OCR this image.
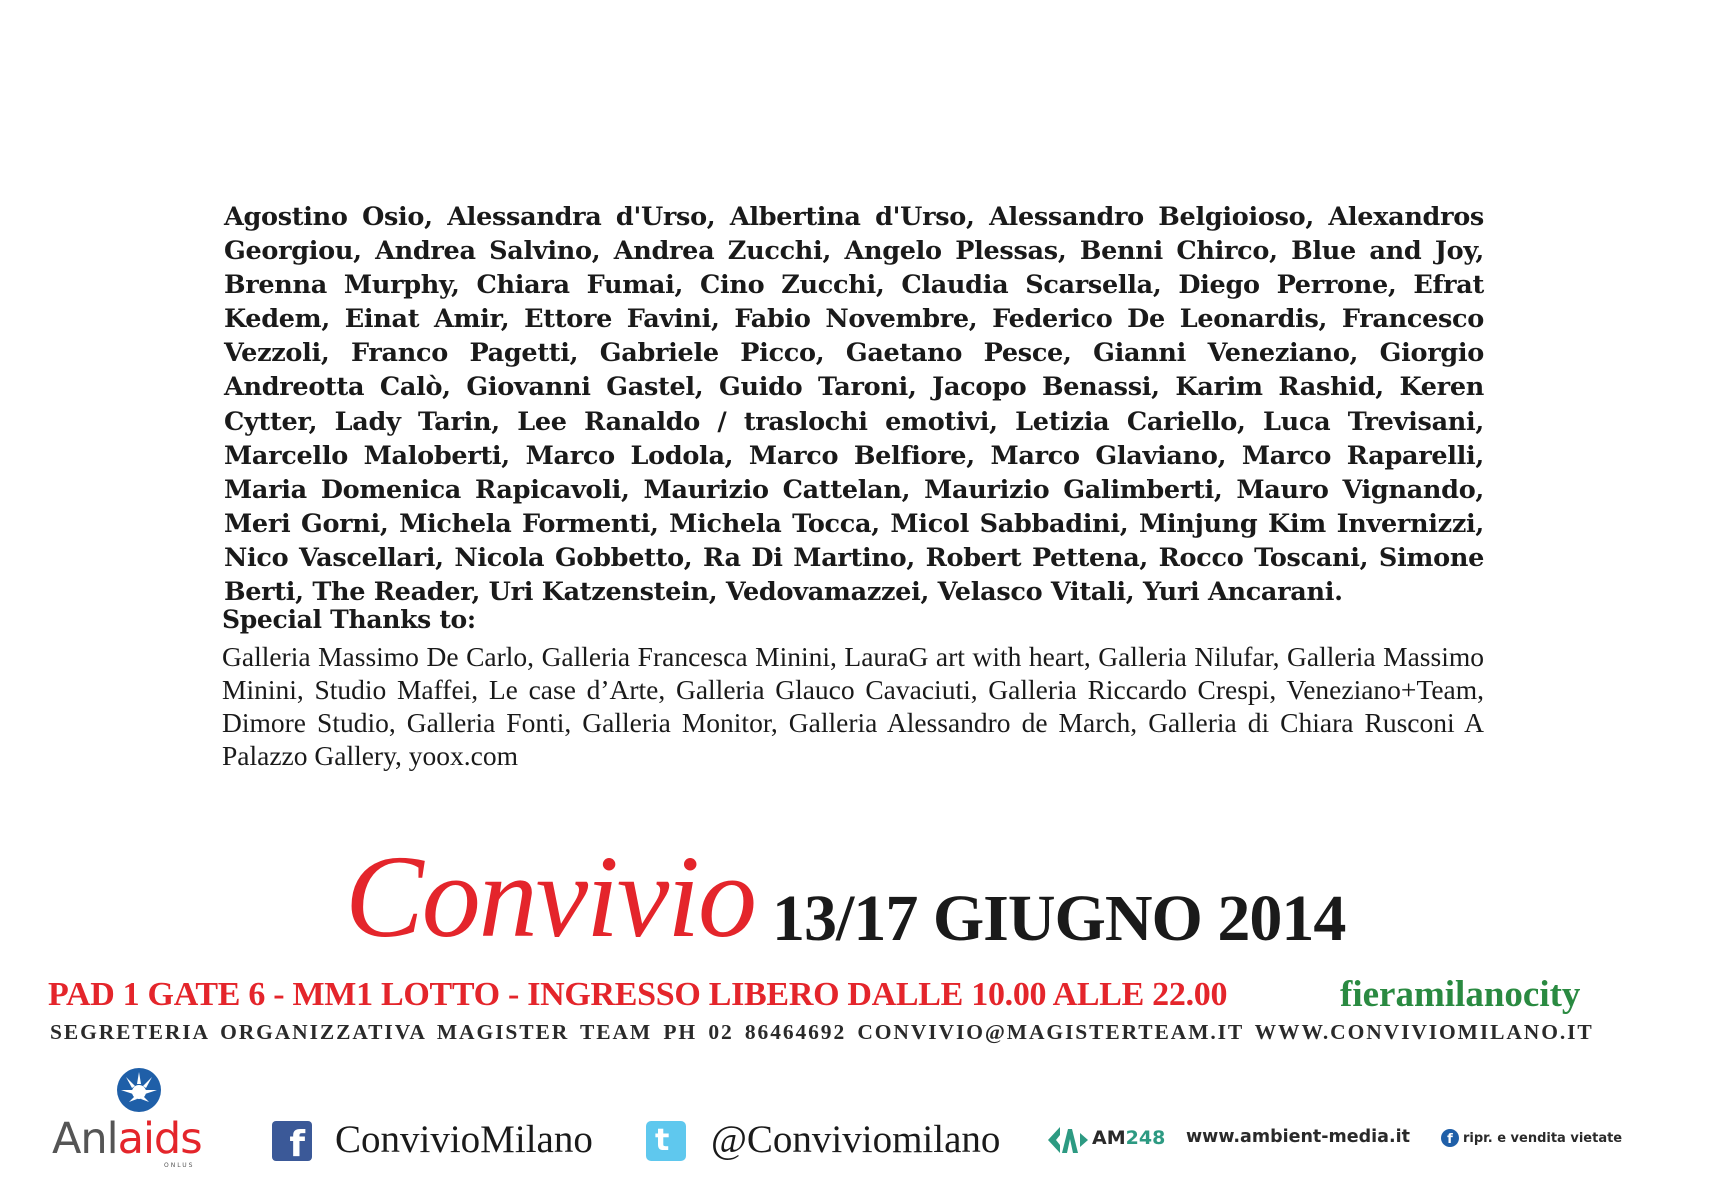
Agostino Osio, Alessandra d'Urso, Albertina d'Urso, Alessandro Belgioioso, Alexandros Georgiou, Andrea Salvino, Andrea Zucchi, Angelo Plessas, Benni Chirco, Blue and Joy, Brenna Murphy, Chiara Fumai, Cino Zucchi, Claudia Scarsella, Diego Perrone, Efrat Kedem, Einat Amir, Ettore Favini, Fabio Novembre, Federico De Leonardis, Francesco Vezzoli, Franco Pagetti, Gabriele Picco, Gaetano Pesce, Gianni Veneziano, Giorgio Andreotta Calò, Giovanni Gastel, Guido Taroni, Jacopo Benassi, Karim Rashid, Keren Cytter, Lady Tarin, Lee Ranaldo / traslochi emotivi, Letizia Cariello, Luca Trevisani, Marcello Maloberti, Marco Lodola, Marco Belfiore, Marco Glaviano, Marco Raparelli, Maria Domenica Rapicavoli, Maurizio Cattelan, Maurizio Galimberti, Mauro Vignando, Meri Gorni, Michela Formenti, Michela Tocca, Micol Sabbadini, Minjung Kim Invernizzi, Nico Vascellari, Nicola Gobbetto, Ra Di Martino, Robert Pettena, Rocco Toscani, Simone Berti, The Reader, Uri Katzenstein, Vedovamazzei, Velasco Vitali, Yuri Ancarani.
Special Thanks to:
Galleria Massimo De Carlo, Galleria Francesca Minini, LauraG art with heart, Galleria Nilufar, Galleria Massimo Minini, Studio Maffei, Le case d’Arte, Galleria Glauco Cavaciuti, Galleria Riccardo Crespi, Veneziano+Team, Dimore Studio, Galleria Fonti, Galleria Monitor, Galleria Alessandro de March, Galleria di Chiara Rusconi A Palazzo Gallery, yoox.com
Convivio 13/17 GIUGNO 2014
PAD 1 GATE 6 - MM1 LOTTO - INGRESSO LIBERO DALLE 10.00 ALLE 22.00	fieramilanocity
SEGRETERIA ORGANIZZATIVA MAGISTER TEAM PH 02 86464692 CONVIVIO@MAGISTERTEAM.IT WWW.CONVIVIOMILANO.IT
Anlaids
ONLUS
f ConvivioMilano t @Conviviomilano	AM248 www.ambient-media.it	f ripr. e vendita vietate
